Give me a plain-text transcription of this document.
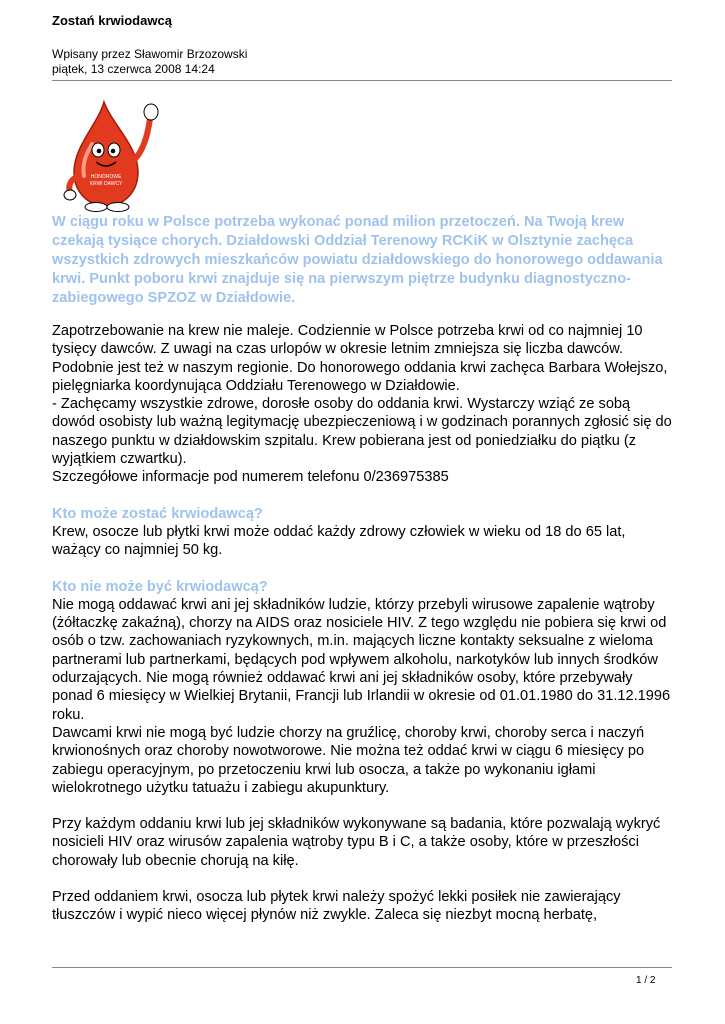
Zostań krwiodawcą
Wpisany przez Sławomir Brzozowski
piątek, 13 czerwca 2008 14:24
HONOROWE
KRWI DAWCY

W ciągu roku w Polsce potrzeba wykonać ponad milion przetoczeń. Na Twoją krew czekają tysiące chorych. Działdowski Oddział Terenowy RCKiK w Olsztynie zachęca wszystkich zdrowych mieszkańców powiatu działdowskiego do honorowego oddawania krwi. Punkt poboru krwi znajduje się na pierwszym piętrze budynku diagnostyczno-zabiegowego SPZOZ w Działdowie.

Zapotrzebowanie na krew nie maleje. Codziennie w Polsce potrzeba krwi od co najmniej 10 tysięcy dawców. Z uwagi na czas urlopów w okresie letnim zmniejsza się liczba dawców. Podobnie jest też w naszym regionie. Do honorowego oddania krwi zachęca Barbara Wołejszo, pielęgniarka koordynująca Oddziału Terenowego w Działdowie.

- Zachęcamy wszystkie zdrowe, dorosłe osoby do oddania krwi. Wystarczy wziąć ze sobą dowód osobisty lub ważną legitymację ubezpieczeniową i w godzinach porannych zgłosić się do naszego punktu w działdowskim szpitalu. Krew pobierana jest od poniedziałku do piątku (z wyjątkiem czwartku).

Szczegółowe informacje pod numerem telefonu 0/236975385

Kto może zostać krwiodawcą?

Krew, osocze lub płytki krwi może oddać każdy zdrowy człowiek w wieku od 18 do 65 lat, ważący co najmniej 50 kg.

Kto nie może być krwiodawcą?

Nie mogą oddawać krwi ani jej składników ludzie, którzy przebyli wirusowe zapalenie wątroby (żółtaczkę zakaźną), chorzy na AIDS oraz nosiciele HIV. Z tego względu nie pobiera się krwi od osób o tzw. zachowaniach ryzykownych, m.in. mających liczne kontakty seksualne z wieloma partnerami lub partnerkami, będących pod wpływem alkoholu, narkotyków lub innych środków odurzających. Nie mogą również oddawać krwi ani jej składników osoby, które przebywały ponad 6 miesięcy w Wielkiej Brytanii, Francji lub Irlandii w okresie od 01.01.1980 do 31.12.1996 roku.

Dawcami krwi nie mogą być ludzie chorzy na gruźlicę, choroby krwi, choroby serca i naczyń krwionośnych oraz choroby nowotworowe. Nie można też oddać krwi w ciągu 6 miesięcy po zabiegu operacyjnym, po przetoczeniu krwi lub osocza, a także po wykonaniu igłami wielokrotnego użytku tatuażu i zabiegu akupunktury.

Przy każdym oddaniu krwi lub jej składników wykonywane są badania, które pozwalają wykryć nosicieli HIV oraz wirusów zapalenia wątroby typu B i C, a także osoby, które w przeszłości chorowały lub obecnie chorują na kiłę.

Przed oddaniem krwi, osocza lub płytek krwi należy spożyć lekki posiłek nie zawierający tłuszczów i wypić nieco więcej płynów niż zwykle. Zaleca się niezbyt mocną herbatę,

1 / 2
